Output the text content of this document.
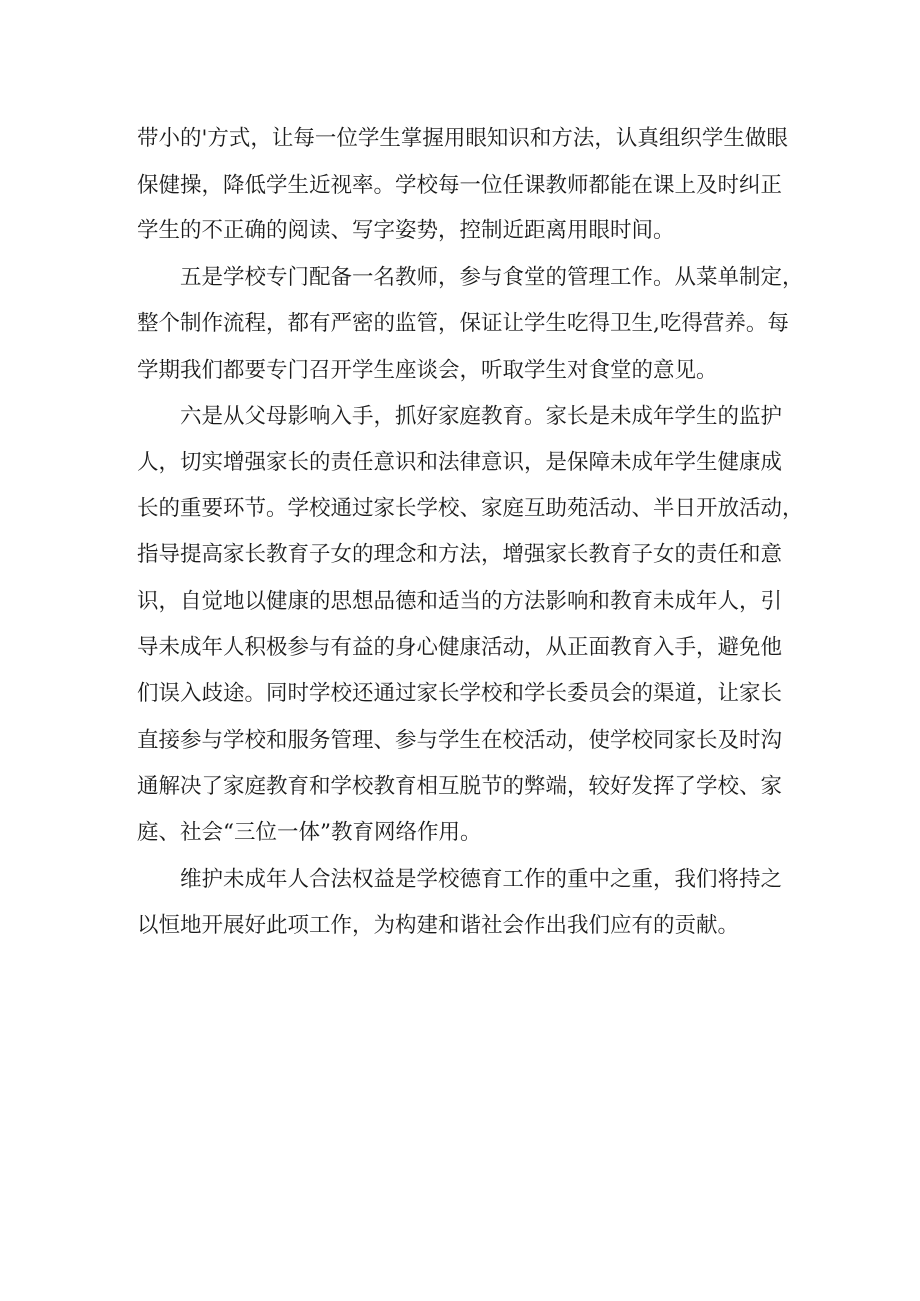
带小的'方式，让每一位学生掌握用眼知识和方法，认真组织学生做眼
保健操，降低学生近视率。学校每一位任课教师都能在课上及时纠正
学生的不正确的阅读、写字姿势，控制近距离用眼时间。
五是学校专门配备一名教师，参与食堂的管理工作。从菜单制定，
整个制作流程，都有严密的监管，保证让学生吃得卫生,吃得营养。每
学期我们都要专门召开学生座谈会，听取学生对食堂的意见。
六是从父母影响入手，抓好家庭教育。家长是未成年学生的监护
人，切实增强家长的责任意识和法律意识，是保障未成年学生健康成
长的重要环节。学校通过家长学校、家庭互助苑活动、半日开放活动，
指导提高家长教育子女的理念和方法，增强家长教育子女的责任和意
识，自觉地以健康的思想品德和适当的方法影响和教育未成年人，引
导未成年人积极参与有益的身心健康活动，从正面教育入手，避免他
们误入歧途。同时学校还通过家长学校和学长委员会的渠道，让家长
直接参与学校和服务管理、参与学生在校活动，使学校同家长及时沟
通解决了家庭教育和学校教育相互脱节的弊端，较好发挥了学校、家
庭、社会“三位一体”教育网络作用。
维护未成年人合法权益是学校德育工作的重中之重，我们将持之
以恒地开展好此项工作，为构建和谐社会作出我们应有的贡献。
